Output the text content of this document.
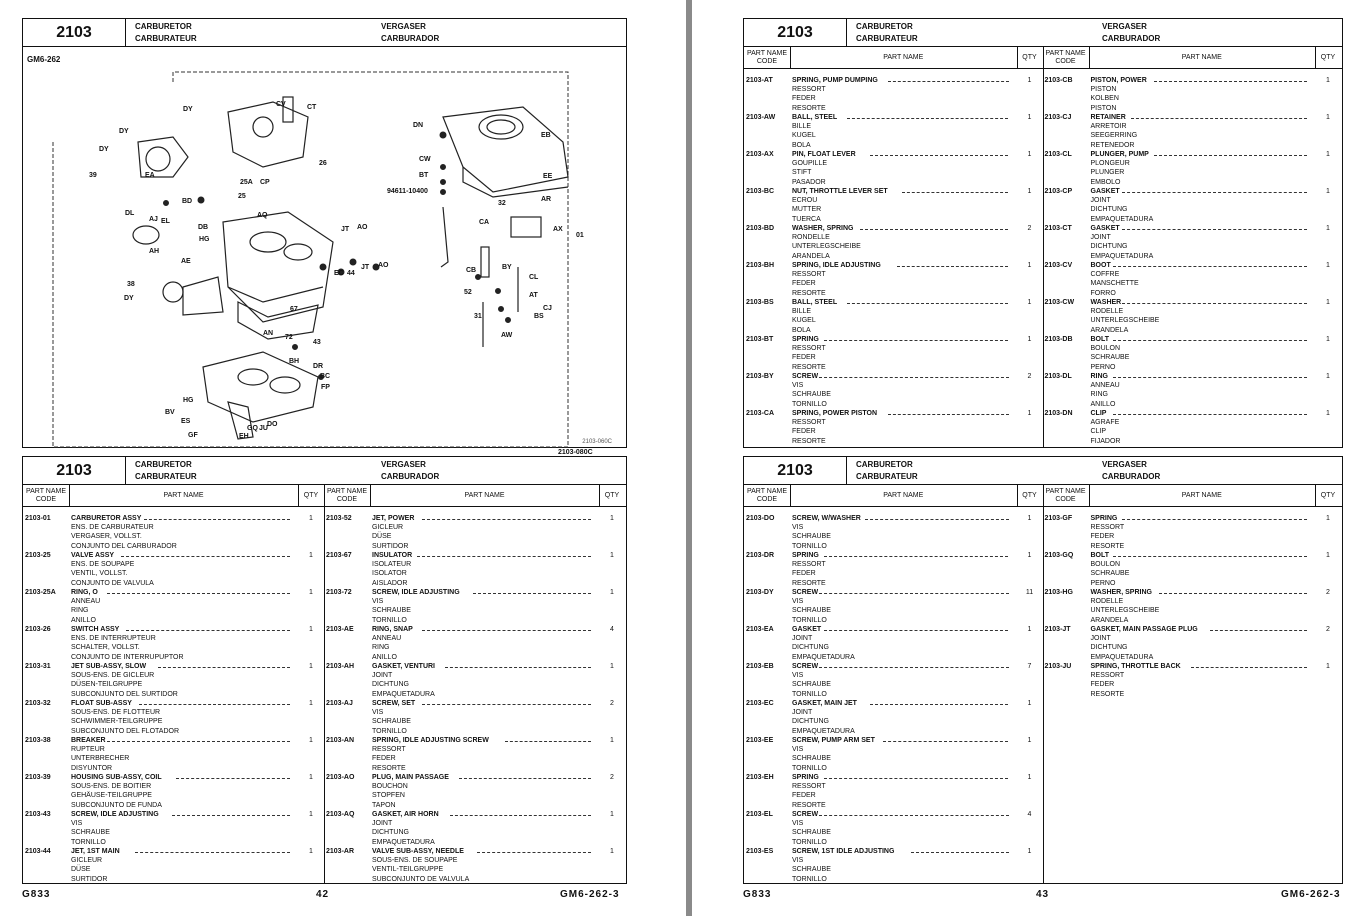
2103	CARBURETOR
CARBURATEUR
VERGASER
CARBURADOR
GM6-262
DY
CV	CT
DY
DY
39	EA
26
25A CP
25
BD
DL
AJ EL
DB
HG
AQ
AH
AE
JT AO
EC 44
JT AO
38
DY
67
AN
72
43
BH
DR
BC
FP
HG
BV
ES
GF
GQ JU
DO
EH
DN
EB
CW
BT	EE
94611-10400
AR
32
CA
AX
01
CB	BY
CL
52	AT
CJ
31	BS
AW
2103-080C
2103-060C
2103	CARBURETOR
CARBURATEUR
VERGASER
CARBURADOR
PART NAME CODE
PART NAME	QTY
PART NAME CODE
PART NAME	QTY
2103-01	CARBURETOR ASSY
ENS. DE CARBURATEUR
VERGASER, VOLLST.
CONJUNTO DEL CARBURADOR
1
2103-25	VALVE ASSY
ENS. DE SOUPAPE
VENTIL, VOLLST.
CONJUNTO DE VALVULA
1
2103-25A RING, O
ANNEAU
RING
ANILLO
1
2103-26	SWITCH ASSY
ENS. DE INTERRUPTEUR
SCHALTER, VOLLST.
CONJUNTO DE INTERRUPUPTOR
1
2103-31	JET SUB-ASSY, SLOW
SOUS-ENS. DE GICLEUR
DÜSEN-TEILGRUPPE
SUBCONJUNTO DEL SURTIDOR
1
2103-32	FLOAT SUB-ASSY
SOUS-ENS. DE FLOTTEUR
SCHWIMMER-TEILGRUPPE
SUBCONJUNTO DEL FLOTADOR
1
2103-38	BREAKER
RUPTEUR
UNTERBRECHER
DISYUNTOR
1
2103-39	HOUSING SUB-ASSY, COIL
SOUS-ENS. DE BOITIER
GEHÄUSE-TEILGRUPPE
SUBCONJUNTO DE FUNDA
1
2103-43	SCREW, IDLE ADJUSTING
VIS
SCHRAUBE
TORNILLO
1
2103-44	JET, 1ST MAIN
GICLEUR
DÜSE
SURTIDOR
1
2103-52	JET, POWER
GICLEUR
DÜSE
SURTIDOR
1
2103-67	INSULATOR
ISOLATEUR
ISOLATOR
AISLADOR
1
2103-72	SCREW, IDLE ADJUSTING
VIS
SCHRAUBE
TORNILLO
1
2103-AE	RING, SNAP
ANNEAU
RING
ANILLO
4
2103-AH	GASKET, VENTURI
JOINT
DICHTUNG
EMPAQUETADURA
1
2103-AJ	SCREW, SET
VIS
SCHRAUBE
TORNILLO
2
2103-AN	SPRING, IDLE ADJUSTING SCREW
RESSORT
FEDER
RESORTE
1
2103-AO	PLUG, MAIN PASSAGE
BOUCHON
STOPFEN
TAPON
2
2103-AQ	GASKET, AIR HORN
JOINT
DICHTUNG
EMPAQUETADURA
1
2103-AR	VALVE SUB-ASSY, NEEDLE
SOUS-ENS. DE SOUPAPE
VENTIL-TEILGRUPPE
SUBCONJUNTO DE VALVULA
1
2103	CARBURETOR
CARBURATEUR
VERGASER
CARBURADOR
PART NAME CODE
PART NAME	QTY
PART NAME CODE
PART NAME	QTY
2103-AT	SPRING, PUMP DUMPING
RESSORT
FEDER
RESORTE
1
2103-AW BALL, STEEL
BILLE
KUGEL
BOLA
1
2103-AX	PIN, FLOAT LEVER
GOUPILLE
STIFT
PASADOR
1
2103-BC	NUT, THROTTLE LEVER SET
ECROU
MUTTER
TUERCA
1
2103-BD	WASHER, SPRING
RONDELLE
UNTERLEGSCHEIBE
ARANDELA
2
2103-BH	SPRING, IDLE ADJUSTING
RESSORT
FEDER
RESORTE
1
2103-BS	BALL, STEEL
BILLE
KUGEL
BOLA
1
2103-BT	SPRING
RESSORT
FEDER
RESORTE
1
2103-BY	SCREW
VIS
SCHRAUBE
TORNILLO
2
2103-CA	SPRING, POWER PISTON
RESSORT
FEDER
RESORTE
1
2103-CB	PISTON, POWER
PISTON
KOLBEN
PISTON
1
2103-CJ	RETAINER
ARRETOIR
SEEGERRING
RETENEDOR
1
2103-CL	PLUNGER, PUMP
PLONGEUR
PLUNGER
EMBOLO
1
2103-CP	GASKET
JOINT
DICHTUNG
EMPAQUETADURA
1
2103-CT	GASKET
JOINT
DICHTUNG
EMPAQUETADURA
1
2103-CV	BOOT
COFFRE
MANSCHETTE
FORRO
1
2103-CW WASHER
RODELLE
UNTERLEGSCHEIBE
ARANDELA
1
2103-DB	BOLT
BOULON
SCHRAUBE
PERNO
1
2103-DL	RING
ANNEAU
RING
ANILLO
1
2103-DN	CLIP
AGRAFE
CLIP
FIJADOR
1
2103	CARBURETOR
CARBURATEUR
VERGASER
CARBURADOR
PART NAME CODE
PART NAME	QTY
PART NAME CODE
PART NAME	QTY
2103-DO	SCREW, W/WASHER
VIS
SCHRAUBE
TORNILLO
1
2103-DR	SPRING
RESSORT
FEDER
RESORTE
1
2103-DY	SCREW
VIS
SCHRAUBE
TORNILLO
11
2103-EA	GASKET
JOINT
DICHTUNG
EMPAQUETADURA
1
2103-EB	SCREW
VIS
SCHRAUBE
TORNILLO
7
2103-EC	GASKET, MAIN JET
JOINT
DICHTUNG
EMPAQUETADURA
1
2103-EE	SCREW, PUMP ARM SET
VIS
SCHRAUBE
TORNILLO
1
2103-EH	SPRING
RESSORT
FEDER
RESORTE
1
2103-EL	SCREW
VIS
SCHRAUBE
TORNILLO
4
2103-ES	SCREW, 1ST IDLE ADJUSTING
VIS
SCHRAUBE
TORNILLO
1
2103-GF	SPRING
RESSORT
FEDER
RESORTE
1
2103-GQ BOLT
BOULON
SCHRAUBE
PERNO
1
2103-HG	WASHER, SPRING
RODELLE
UNTERLEGSCHEIBE
ARANDELA
2
2103-JT	GASKET, MAIN PASSAGE PLUG
JOINT
DICHTUNG
EMPAQUETADURA
2
2103-JU	SPRING, THROTTLE BACK
RESSORT
FEDER
RESORTE
1
G833	42	GM6-262-3	G833	43	GM6-262-3
